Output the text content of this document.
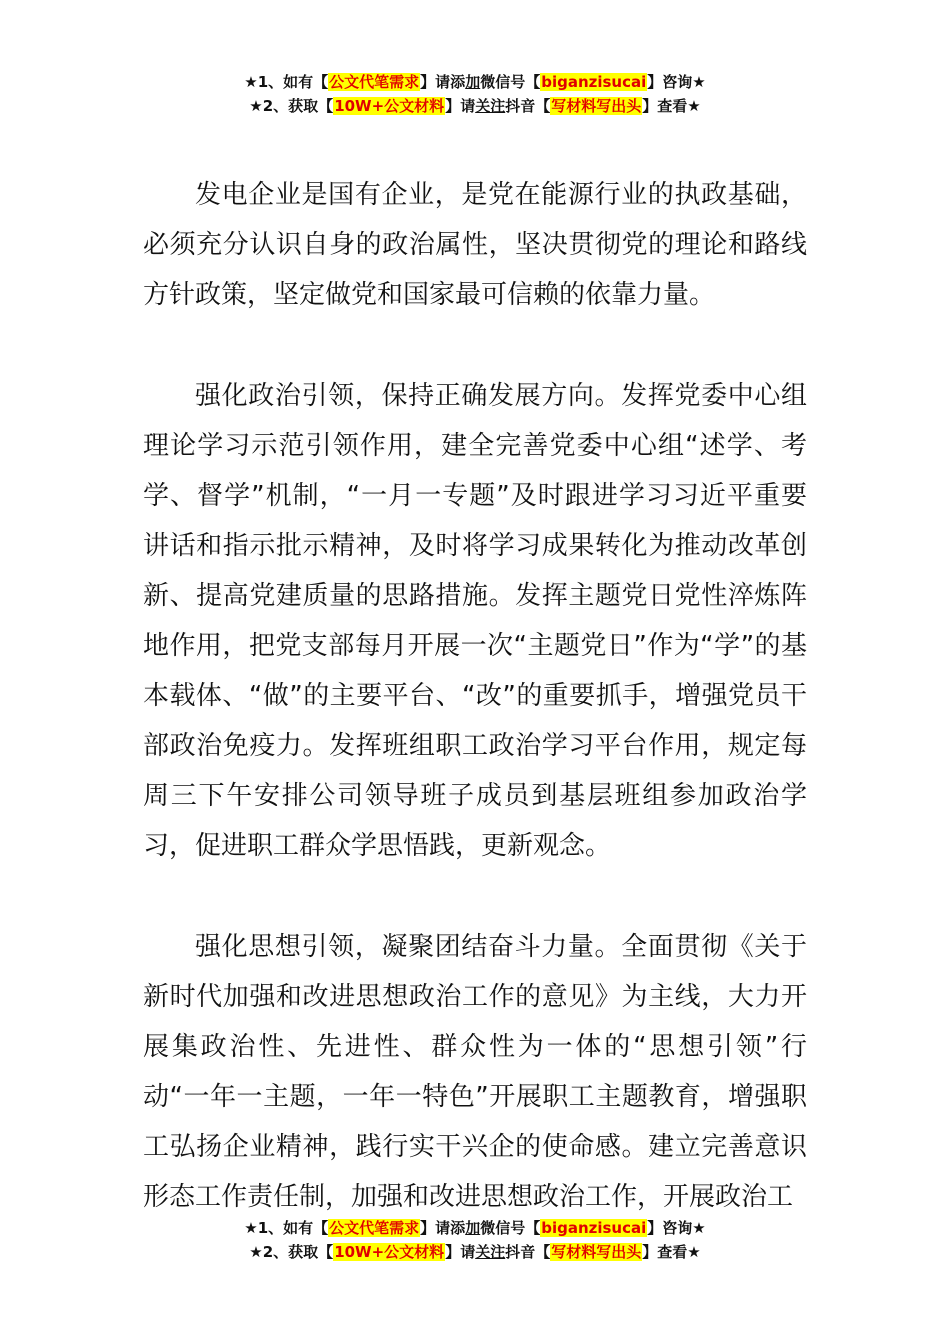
★1、如有【公文代笔需求】请添加微信号【biganzisucai】咨询★
★2、获取【10W+公文材料】请关注抖音【写材料写出头】查看★

发电企业是国有企业，是党在能源行业的执政基础，必须充分认识自身的政治属性，坚决贯彻党的理论和路线方针政策，坚定做党和国家最可信赖的依靠力量。

强化政治引领，保持正确发展方向。发挥党委中心组理论学习示范引领作用，建全完善党委中心组“述学、考学、督学”机制，“一月一专题”及时跟进学习习近平重要讲话和指示批示精神，及时将学习成果转化为推动改革创新、提高党建质量的思路措施。发挥主题党日党性淬炼阵地作用，把党支部每月开展一次“主题党日”作为“学”的基本载体、“做”的主要平台、“改”的重要抓手，增强党员干部政治免疫力。发挥班组职工政治学习平台作用，规定每周三下午安排公司领导班子成员到基层班组参加政治学习，促进职工群众学思悟践，更新观念。

强化思想引领，凝聚团结奋斗力量。全面贯彻《关于新时代加强和改进思想政治工作的意见》为主线，大力开展集政治性、先进性、群众性为一体的“思想引领”行动“一年一主题，一年一特色”开展职工主题教育，增强职工弘扬企业精神，践行实干兴企的使命感。建立完善意识形态工作责任制，加强和改进思想政治工作，开展政治工

★1、如有【公文代笔需求】请添加微信号【biganzisucai】咨询★
★2、获取【10W+公文材料】请关注抖音【写材料写出头】查看★
